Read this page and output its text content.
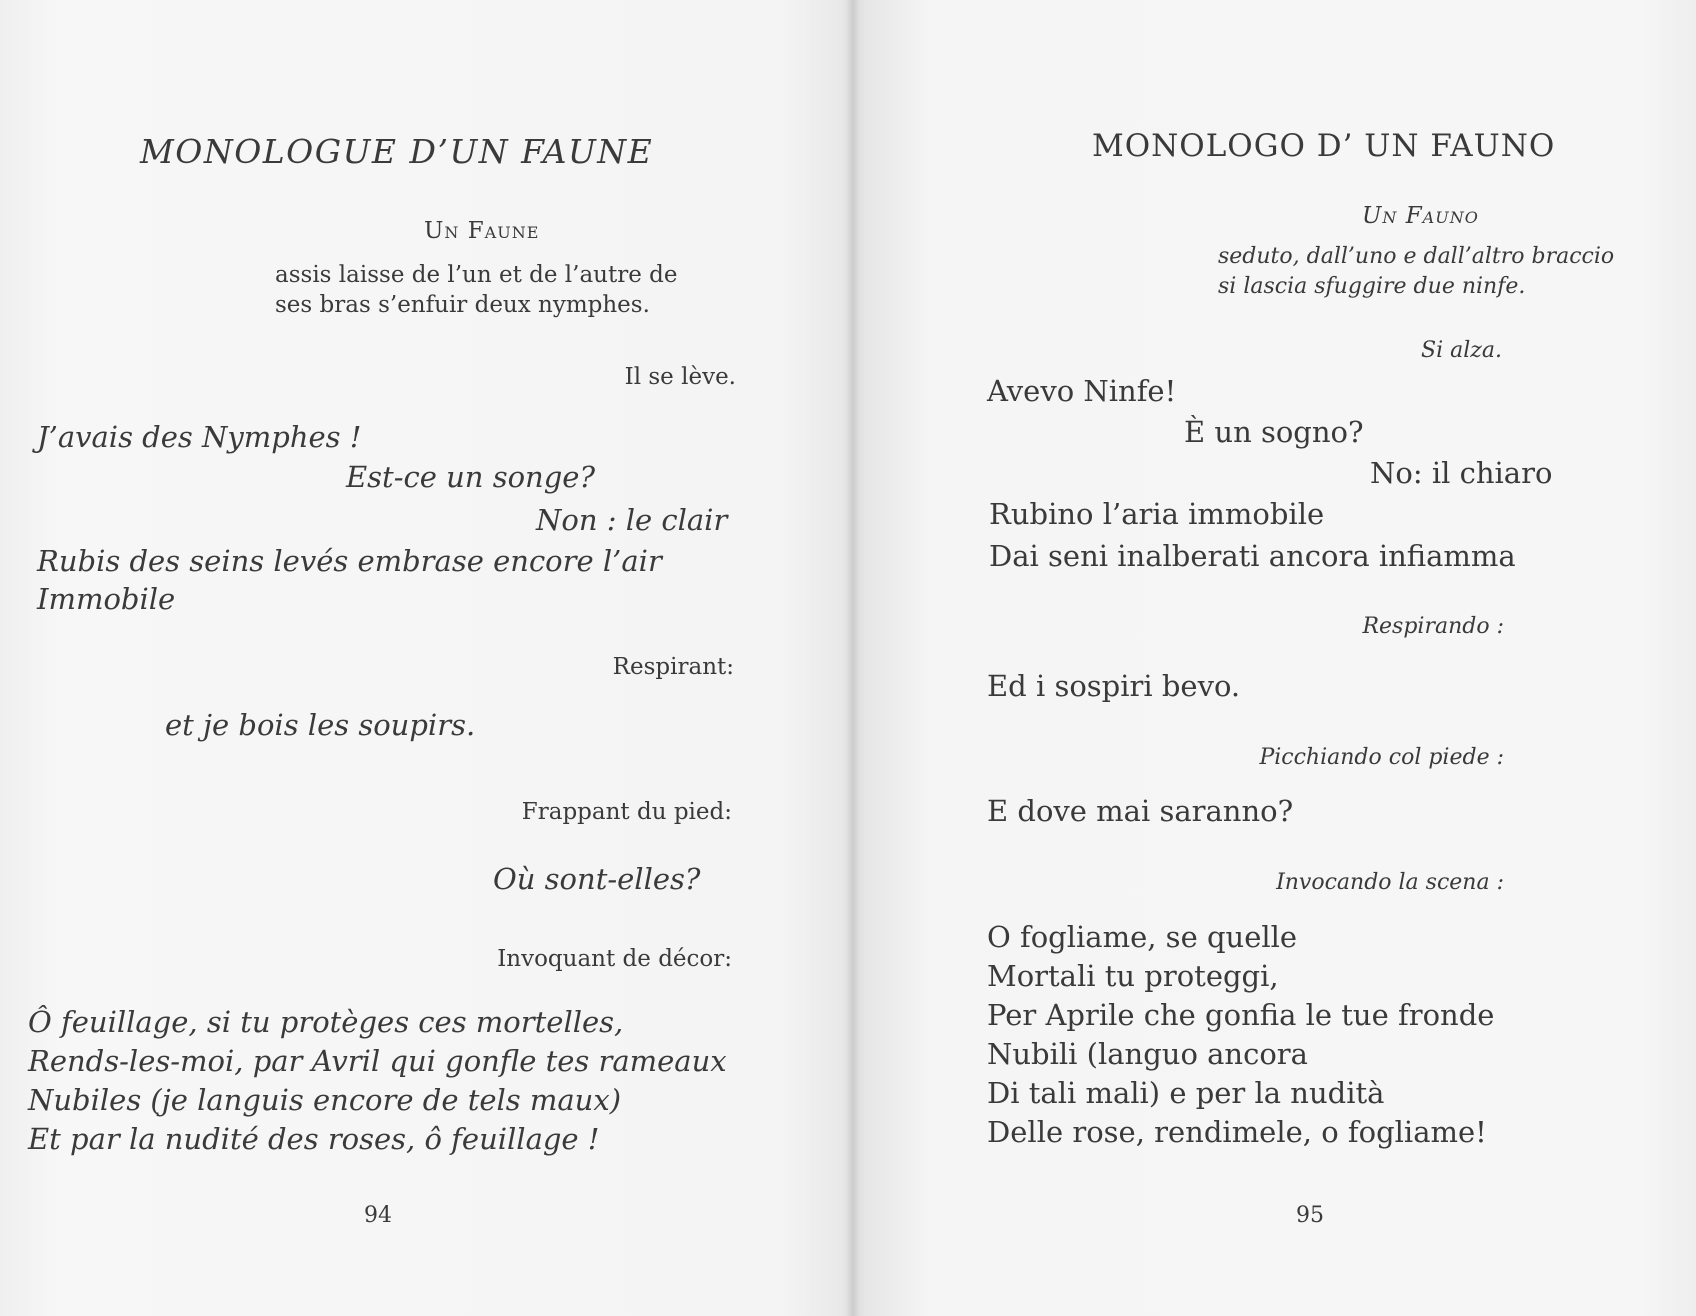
MONOLOGUE D’UN FAUNE
Un Faune
assis laisse de l’un et de l’autre de
ses bras s’enfuir deux nymphes.
Il se lève.
J’avais des Nymphes !
Est-ce un songe?
Non : le clair
Rubis des seins levés embrase encore l’air
Immobile
Respirant:
et je bois les soupirs.
Frappant du pied:
Où sont-elles?
Invoquant de décor:
Ô feuillage, si tu protèges ces mortelles,
Rends-les-moi, par Avril qui gonfle tes rameaux
Nubiles (je languis encore de tels maux)
Et par la nudité des roses, ô feuillage !
94
MONOLOGO D’ UN FAUNO
Un Fauno
seduto, dall’uno e dall’altro braccio
si lascia sfuggire due ninfe.
Si alza.
Avevo Ninfe!
È un sogno?
No: il chiaro
Rubino l’aria immobile
Dai seni inalberati ancora infiamma
Respirando :
Ed i sospiri bevo.
Picchiando col piede :
E dove mai saranno?
Invocando la scena :
O fogliame, se quelle
Mortali tu proteggi,
Per Aprile che gonfia le tue fronde
Nubili (languo ancora
Di tali mali) e per la nudità
Delle rose, rendimele, o fogliame!
95
